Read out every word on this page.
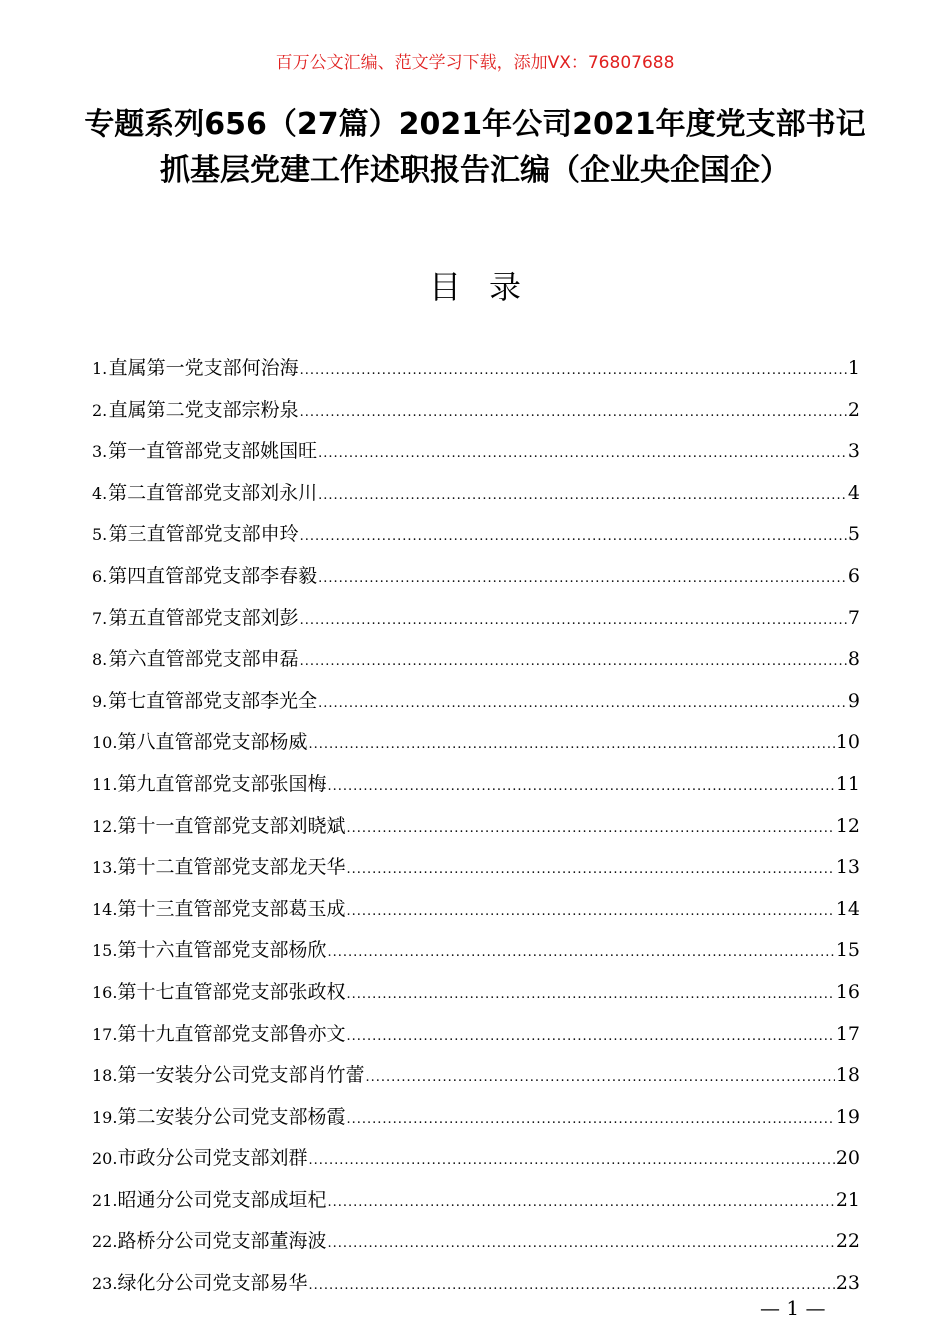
百万公文汇编、范文学习下载，添加VX：76807688
专题系列656（27篇）2021年公司2021年度党支部书记抓基层党建工作述职报告汇编（企业央企国企）
目录
1. 直属第一党支部何治海 .....	1
2. 直属第二党支部宗粉泉 .....	2
3. 第一直管部党支部姚国旺 .....	3
4. 第二直管部党支部刘永川 .....	4
5. 第三直管部党支部申玲 .....	5
6. 第四直管部党支部李春毅 .....	6
7. 第五直管部党支部刘彭 .....	7
8. 第六直管部党支部申磊 .....	8
9. 第七直管部党支部李光全 .....	9
10. 第八直管部党支部杨威 .....	10
11. 第九直管部党支部张国梅 .....	11
12. 第十一直管部党支部刘晓斌 .....	12
13. 第十二直管部党支部龙天华 .....	13
14. 第十三直管部党支部葛玉成 .....	14
15. 第十六直管部党支部杨欣 .....	15
16. 第十七直管部党支部张政权 .....	16
17. 第十九直管部党支部鲁亦文 .....	17
18. 第一安装分公司党支部肖竹蕾 .....	18
19. 第二安装分公司党支部杨霞 .....	19
20. 市政分公司党支部刘群 .....	20
21. 昭通分公司党支部成垣杞 .....	21
22. 路桥分公司党支部董海波 .....	22
23. 绿化分公司党支部易华 .....	23
— 1 —
